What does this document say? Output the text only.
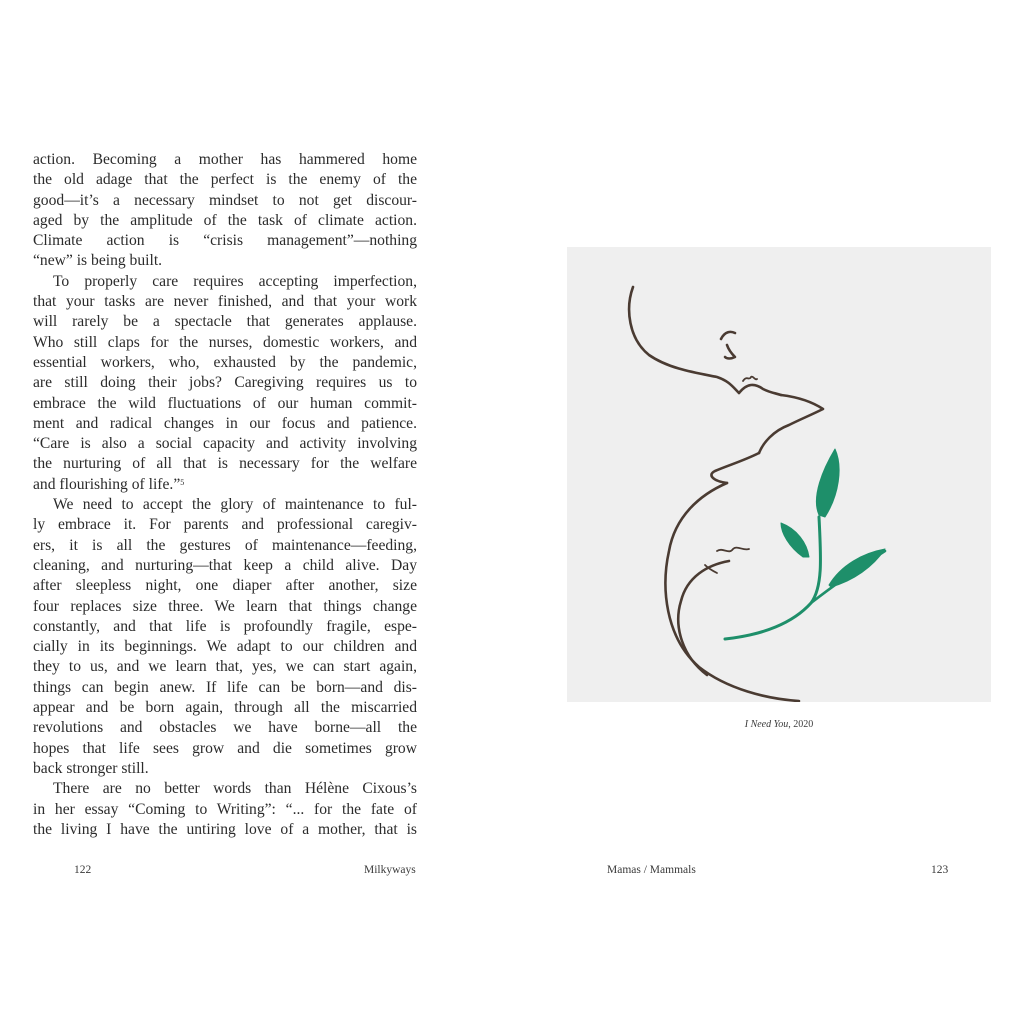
action. Becoming a mother has hammered home
the old adage that the perfect is the enemy of the
good—it’s a necessary mindset to not get discour-
aged by the amplitude of the task of climate action.
Climate action is “crisis management”—nothing
“new” is being built.
To properly care requires accepting imperfection,
that your tasks are never finished, and that your work
will rarely be a spectacle that generates applause.
Who still claps for the nurses, domestic workers, and
essential workers, who, exhausted by the pandemic,
are still doing their jobs? Caregiving requires us to
embrace the wild fluctuations of our human commit-
ment and radical changes in our focus and patience.
“Care is also a social capacity and activity involving
the nurturing of all that is necessary for the welfare
and flourishing of life.”$^5$
We need to accept the glory of maintenance to ful-
ly embrace it. For parents and professional caregiv-
ers, it is all the gestures of maintenance—feeding,
cleaning, and nurturing—that keep a child alive. Day
after sleepless night, one diaper after another, size
four replaces size three. We learn that things change
constantly, and that life is profoundly fragile, espe-
cially in its beginnings. We adapt to our children and
they to us, and we learn that, yes, we can start again,
things can begin anew. If life can be born—and dis-
appear and be born again, through all the miscarried
revolutions and obstacles we have borne—all the
hopes that life sees grow and die sometimes grow
back stronger still.
There are no better words than Hélène Cixous’s
in her essay “Coming to Writing”: “... for the fate of
the living I have the untiring love of a mother, that is
122	Milkyways	Mamas / Mammals	123
I Need You, 2020
